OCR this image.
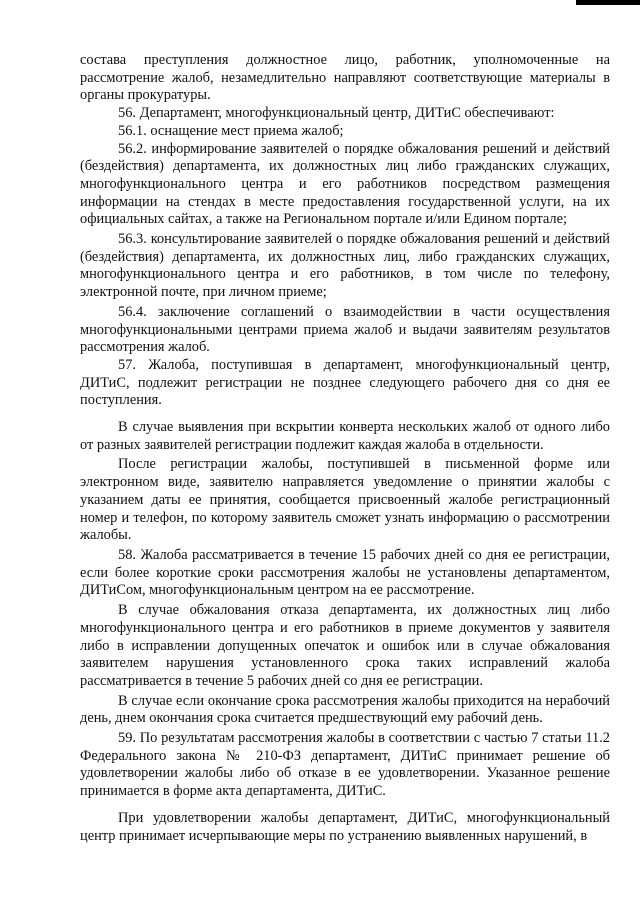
состава преступления должностное лицо, работник, уполномоченные на рассмотрение жалоб, незамедлительно направляют соответствующие материалы в органы прокуратуры.

56. Департамент, многофункциональный центр, ДИТиС обеспечивают:

56.1. оснащение мест приема жалоб;

56.2. информирование заявителей о порядке обжалования решений и действий (бездействия) департамента, их должностных лиц либо гражданских служащих, многофункционального центра и его работников посредством размещения информации на стендах в месте предоставления государственной услуги, на их официальных сайтах, а также на Региональном портале и/или Едином портале;

56.3. консультирование заявителей о порядке обжалования решений и действий (бездействия) департамента, их должностных лиц, либо гражданских служащих, многофункционального центра и его работников, в том числе по телефону, электронной почте, при личном приеме;

56.4. заключение соглашений о взаимодействии в части осуществления многофункциональными центрами приема жалоб и выдачи заявителям результатов рассмотрения жалоб.

57. Жалоба, поступившая в департамент, многофункциональный центр, ДИТиС, подлежит регистрации не позднее следующего рабочего дня со дня ее поступления.

В случае выявления при вскрытии конверта нескольких жалоб от одного либо от разных заявителей регистрации подлежит каждая жалоба в отдельности.

После регистрации жалобы, поступившей в письменной форме или электронном виде, заявителю направляется уведомление о принятии жалобы с указанием даты ее принятия, сообщается присвоенный жалобе регистрационный номер и телефон, по которому заявитель сможет узнать информацию о рассмотрении жалобы.

58. Жалоба рассматривается в течение 15 рабочих дней со дня ее регистрации, если более короткие сроки рассмотрения жалобы не установлены департаментом, ДИТиСом, многофункциональным центром на ее рассмотрение.

В случае обжалования отказа департамента, их должностных лиц либо многофункционального центра и его работников в приеме документов у заявителя либо в исправлении допущенных опечаток и ошибок или в случае обжалования заявителем нарушения установленного срока таких исправлений жалоба рассматривается в течение 5 рабочих дней со дня ее регистрации.

В случае если окончание срока рассмотрения жалобы приходится на нерабочий день, днем окончания срока считается предшествующий ему рабочий день.

59. По результатам рассмотрения жалобы в соответствии с частью 7 статьи 11.2 Федерального закона № 210-ФЗ департамент, ДИТиС принимает решение об удовлетворении жалобы либо об отказе в ее удовлетворении. Указанное решение принимается в форме акта департамента, ДИТиС.

При удовлетворении жалобы департамент, ДИТиС, многофункциональный центр принимает исчерпывающие меры по устранению выявленных нарушений, в
